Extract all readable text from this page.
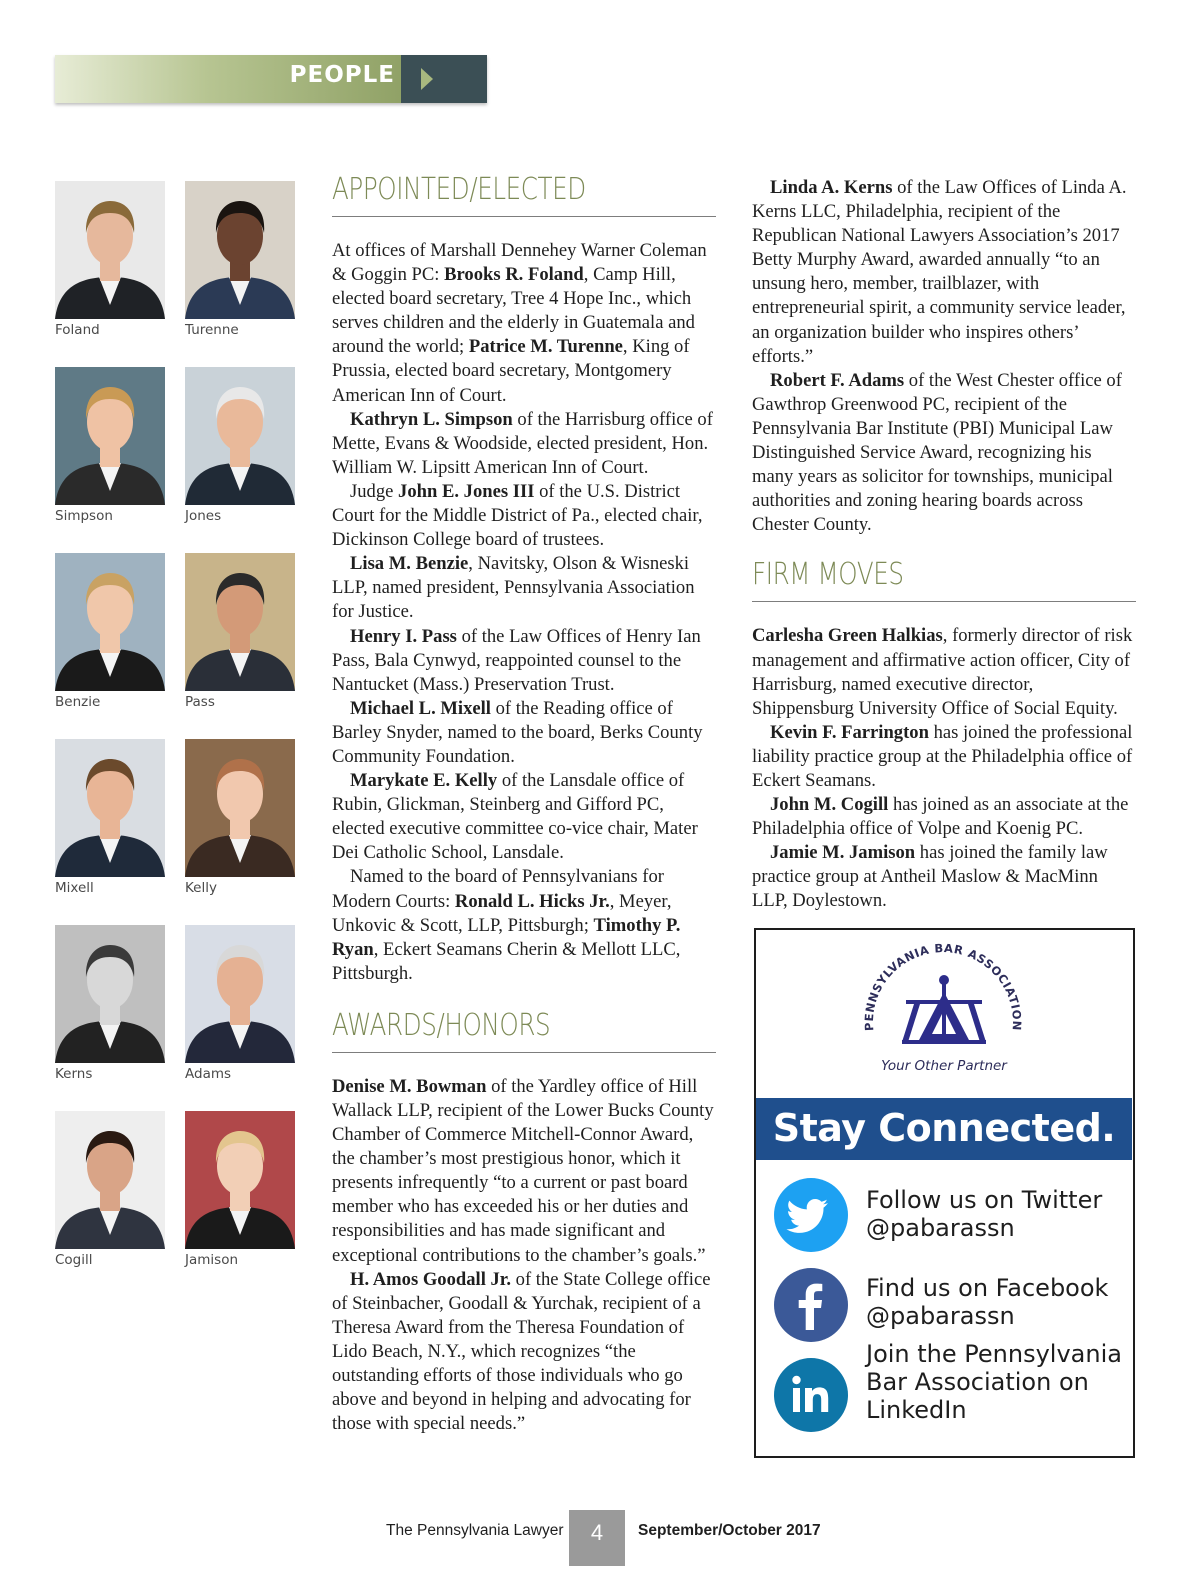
PEOPLE
Foland	Turenne
Simpson	Jones
Benzie	Pass
Mixell	Kelly
Kerns	Adams
Cogill	Jamison
APPOINTED/ELECTED

At offices of Marshall Dennehey Warner Coleman & Goggin PC: Brooks R. Foland, Camp Hill, elected board secretary, Tree 4 Hope Inc., which serves children and the elderly in Guatemala and around the world; Patrice M. Turenne, King of Prussia, elected board secretary, Montgomery American Inn of Court.

Kathryn L. Simpson of the Harrisburg office of Mette, Evans & Woodside, elected president, Hon. William W. Lipsitt American Inn of Court.

Judge John E. Jones III of the U.S. District Court for the Middle District of Pa., elected chair, Dickinson College board of trustees.

Lisa M. Benzie, Navitsky, Olson & Wisneski LLP, named president, Pennsylvania Association for Justice.

Henry I. Pass of the Law Offices of Henry Ian Pass, Bala Cynwyd, reappointed counsel to the Nantucket (Mass.) Preservation Trust.

Michael L. Mixell of the Reading office of Barley Snyder, named to the board, Berks County Community Foundation.

Marykate E. Kelly of the Lansdale office of Rubin, Glickman, Steinberg and Gifford PC, elected executive committee co-vice chair, Mater Dei Catholic School, Lansdale.

Named to the board of Pennsylvanians for Modern Courts: Ronald L. Hicks Jr., Meyer, Unkovic & Scott, LLP, Pittsburgh; Timothy P. Ryan, Eckert Seamans Cherin & Mellott LLC, Pittsburgh.

AWARDS/HONORS

Denise M. Bowman of the Yardley office of Hill Wallack LLP, recipient of the Lower Bucks County Chamber of Commerce Mitchell-Connor Award, the chamber’s most prestigious honor, which it presents infrequently “to a current or past board member who has exceeded his or her duties and responsibilities and has made significant and exceptional contributions to the chamber’s goals.”

H. Amos Goodall Jr. of the State College office of Steinbacher, Goodall & Yurchak, recipient of a Theresa Award from the Theresa Foundation of Lido Beach, N.Y., which recognizes “the outstanding efforts of those individuals who go above and beyond in helping and advocating for those with special needs.”

Linda A. Kerns of the Law Offices of Linda A. Kerns LLC, Philadelphia, recipient of the Republican National Lawyers Association’s 2017 Betty Murphy Award, awarded annually “to an unsung hero, member, trailblazer, with entrepreneurial spirit, a community service leader, an organization builder who inspires others’ efforts.”

Robert F. Adams of the West Chester office of Gawthrop Greenwood PC, recipient of the Pennsylvania Bar Institute (PBI) Municipal Law Distinguished Service Award, recognizing his many years as solicitor for townships, municipal authorities and zoning hearing boards across Chester County.

FIRM MOVES

Carlesha Green Halkias, formerly director of risk management and affirmative action officer, City of Harrisburg, named executive director, Shippensburg University Office of Social Equity.

Kevin F. Farrington has joined the professional liability practice group at the Philadelphia office of Eckert Seamans.

John M. Cogill has joined as an associate at the Philadelphia office of Volpe and Koenig PC.

Jamie M. Jamison has joined the family law practice group at Antheil Maslow & MacMinn LLP, Doylestown.

PENNSYLVANIA BAR ASSOCIATION
Your Other Partner
Stay Connected.
Follow us on Twitter
@pabarassn
Find us on Facebook
@pabarassn
Join the Pennsylvania
Bar Association on
LinkedIn
The Pennsylvania Lawyer	4	September/October 2017
